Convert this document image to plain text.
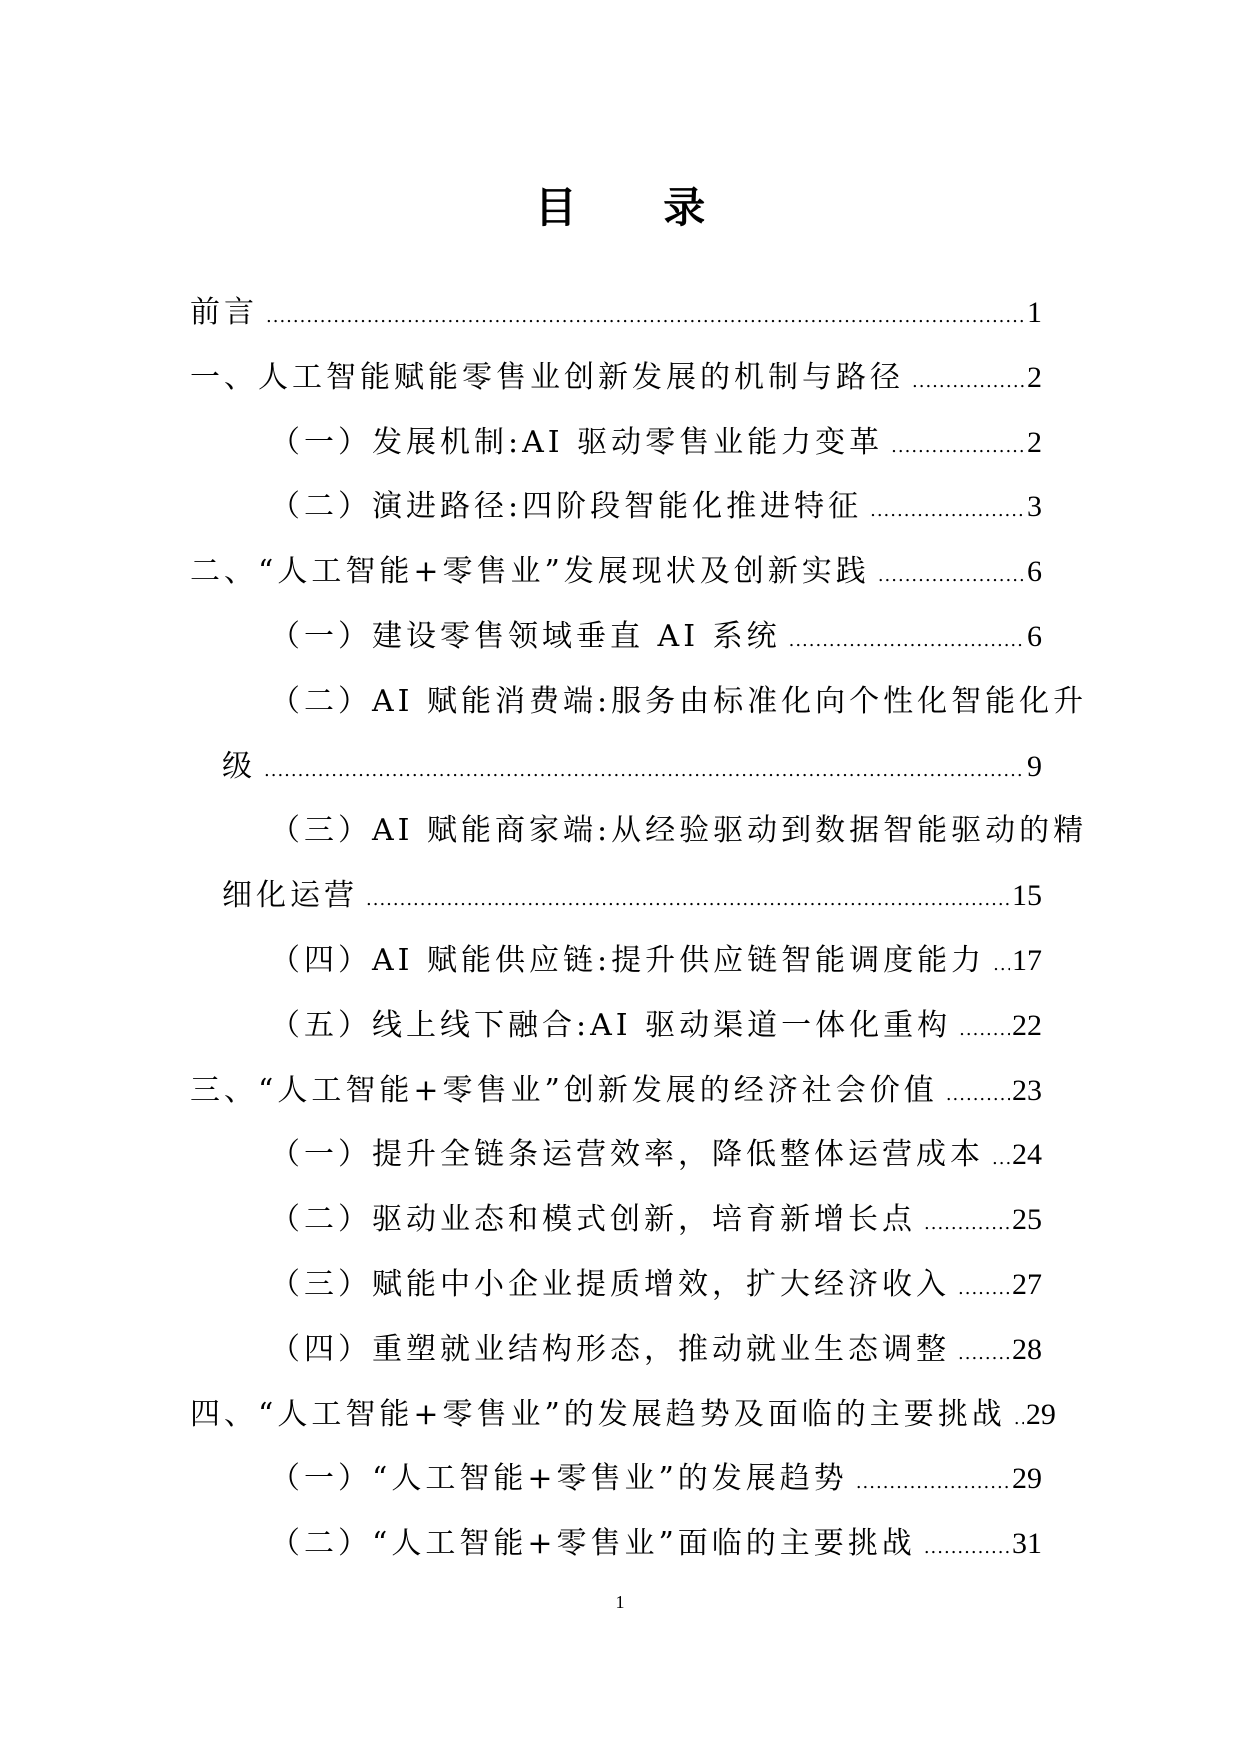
目 录
前言 .....	1
一、人工智能赋能零售业创新发展的机制与路径 .....	2
（一）发展机制:AI 驱动零售业能力变革 .....	2
（二）演进路径:四阶段智能化推进特征 .....	3
二、“人工智能+零售业”发展现状及创新实践 .....	6
（一）建设零售领域垂直 AI 系统 .....	6
（二）AI 赋能消费端:服务由标准化向个性化智能化升
级 .....	9
（三）AI 赋能商家端:从经验驱动到数据智能驱动的精
细化运营 .....	15
（四）AI 赋能供应链:提升供应链智能调度能力 ..... 17
（五）线上线下融合:AI 驱动渠道一体化重构 ..... 22
三、“人工智能+零售业”创新发展的经济社会价值 ..... 23
（一）提升全链条运营效率，降低整体运营成本 ..... 24
（二）驱动业态和模式创新，培育新增长点 .....	25
（三）赋能中小企业提质增效，扩大经济收入 ..... 27
（四）重塑就业结构形态，推动就业生态调整 ..... 28
四、“人工智能+零售业”的发展趋势及面临的主要挑战 ..... 29
（一）“人工智能+零售业”的发展趋势 .....	29
（二）“人工智能+零售业”面临的主要挑战 .....	31
1
